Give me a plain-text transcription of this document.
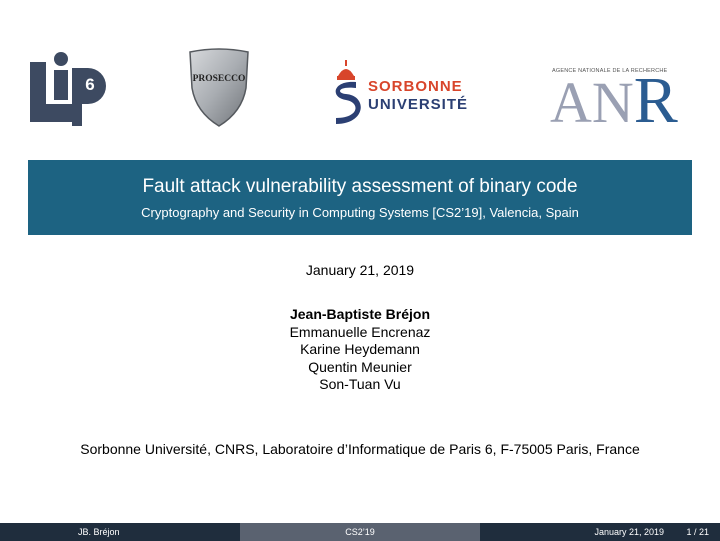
6	PROSECCO	SORBONNE
UNIVERSITÉ
AGENCE NATIONALE DE LA RECHERCHE
ANR
Fault attack vulnerability assessment of binary code
Cryptography and Security in Computing Systems [CS2’19], Valencia, Spain
January 21, 2019
Jean-Baptiste Bréjon
Emmanuelle Encrenaz
Karine Heydemann
Quentin Meunier
Son-Tuan Vu
Sorbonne Université, CNRS, Laboratoire d’Informatique de Paris 6, F-75005 Paris, France
JB. Bréjon	CS2’19	January 21, 2019 1 / 21
